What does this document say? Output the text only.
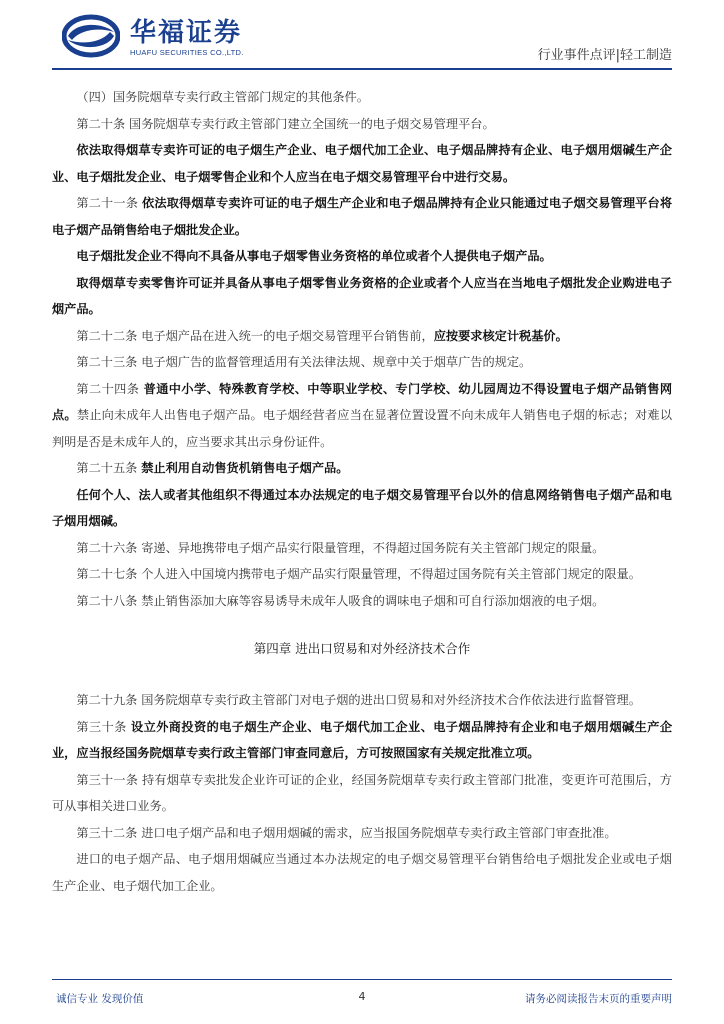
华福证券
HUAFU SECURITIES CO.,LTD.	行业事件点评|轻工制造

（四）国务院烟草专卖行政主管部门规定的其他条件。

第二十条 国务院烟草专卖行政主管部门建立全国统一的电子烟交易管理平台。

依法取得烟草专卖许可证的电子烟生产企业、电子烟代加工企业、电子烟品牌持有企业、电子烟用烟碱生产企业、电子烟批发企业、电子烟零售企业和个人应当在电子烟交易管理平台中进行交易。

第二十一条 依法取得烟草专卖许可证的电子烟生产企业和电子烟品牌持有企业只能通过电子烟交易管理平台将电子烟产品销售给电子烟批发企业。

电子烟批发企业不得向不具备从事电子烟零售业务资格的单位或者个人提供电子烟产品。

取得烟草专卖零售许可证并具备从事电子烟零售业务资格的企业或者个人应当在当地电子烟批发企业购进电子烟产品。

第二十二条 电子烟产品在进入统一的电子烟交易管理平台销售前，应按要求核定计税基价。

第二十三条 电子烟广告的监督管理适用有关法律法规、规章中关于烟草广告的规定。

第二十四条 普通中小学、特殊教育学校、中等职业学校、专门学校、幼儿园周边不得设置电子烟产品销售网点。禁止向未成年人出售电子烟产品。电子烟经营者应当在显著位置设置不向未成年人销售电子烟的标志；对难以判明是否是未成年人的，应当要求其出示身份证件。

第二十五条 禁止利用自动售货机销售电子烟产品。

任何个人、法人或者其他组织不得通过本办法规定的电子烟交易管理平台以外的信息网络销售电子烟产品和电子烟用烟碱。

第二十六条 寄递、异地携带电子烟产品实行限量管理，不得超过国务院有关主管部门规定的限量。

第二十七条 个人进入中国境内携带电子烟产品实行限量管理，不得超过国务院有关主管部门规定的限量。

第二十八条 禁止销售添加大麻等容易诱导未成年人吸食的调味电子烟和可自行添加烟液的电子烟。

第四章 进出口贸易和对外经济技术合作

第二十九条 国务院烟草专卖行政主管部门对电子烟的进出口贸易和对外经济技术合作依法进行监督管理。

第三十条 设立外商投资的电子烟生产企业、电子烟代加工企业、电子烟品牌持有企业和电子烟用烟碱生产企业，应当报经国务院烟草专卖行政主管部门审查同意后，方可按照国家有关规定批准立项。

第三十一条 持有烟草专卖批发企业许可证的企业，经国务院烟草专卖行政主管部门批准，变更许可范围后，方可从事相关进口业务。

第三十二条 进口电子烟产品和电子烟用烟碱的需求，应当报国务院烟草专卖行政主管部门审查批准。

进口的电子烟产品、电子烟用烟碱应当通过本办法规定的电子烟交易管理平台销售给电子烟批发企业或电子烟生产企业、电子烟代加工企业。

诚信专业 发现价值	4	请务必阅读报告末页的重要声明
